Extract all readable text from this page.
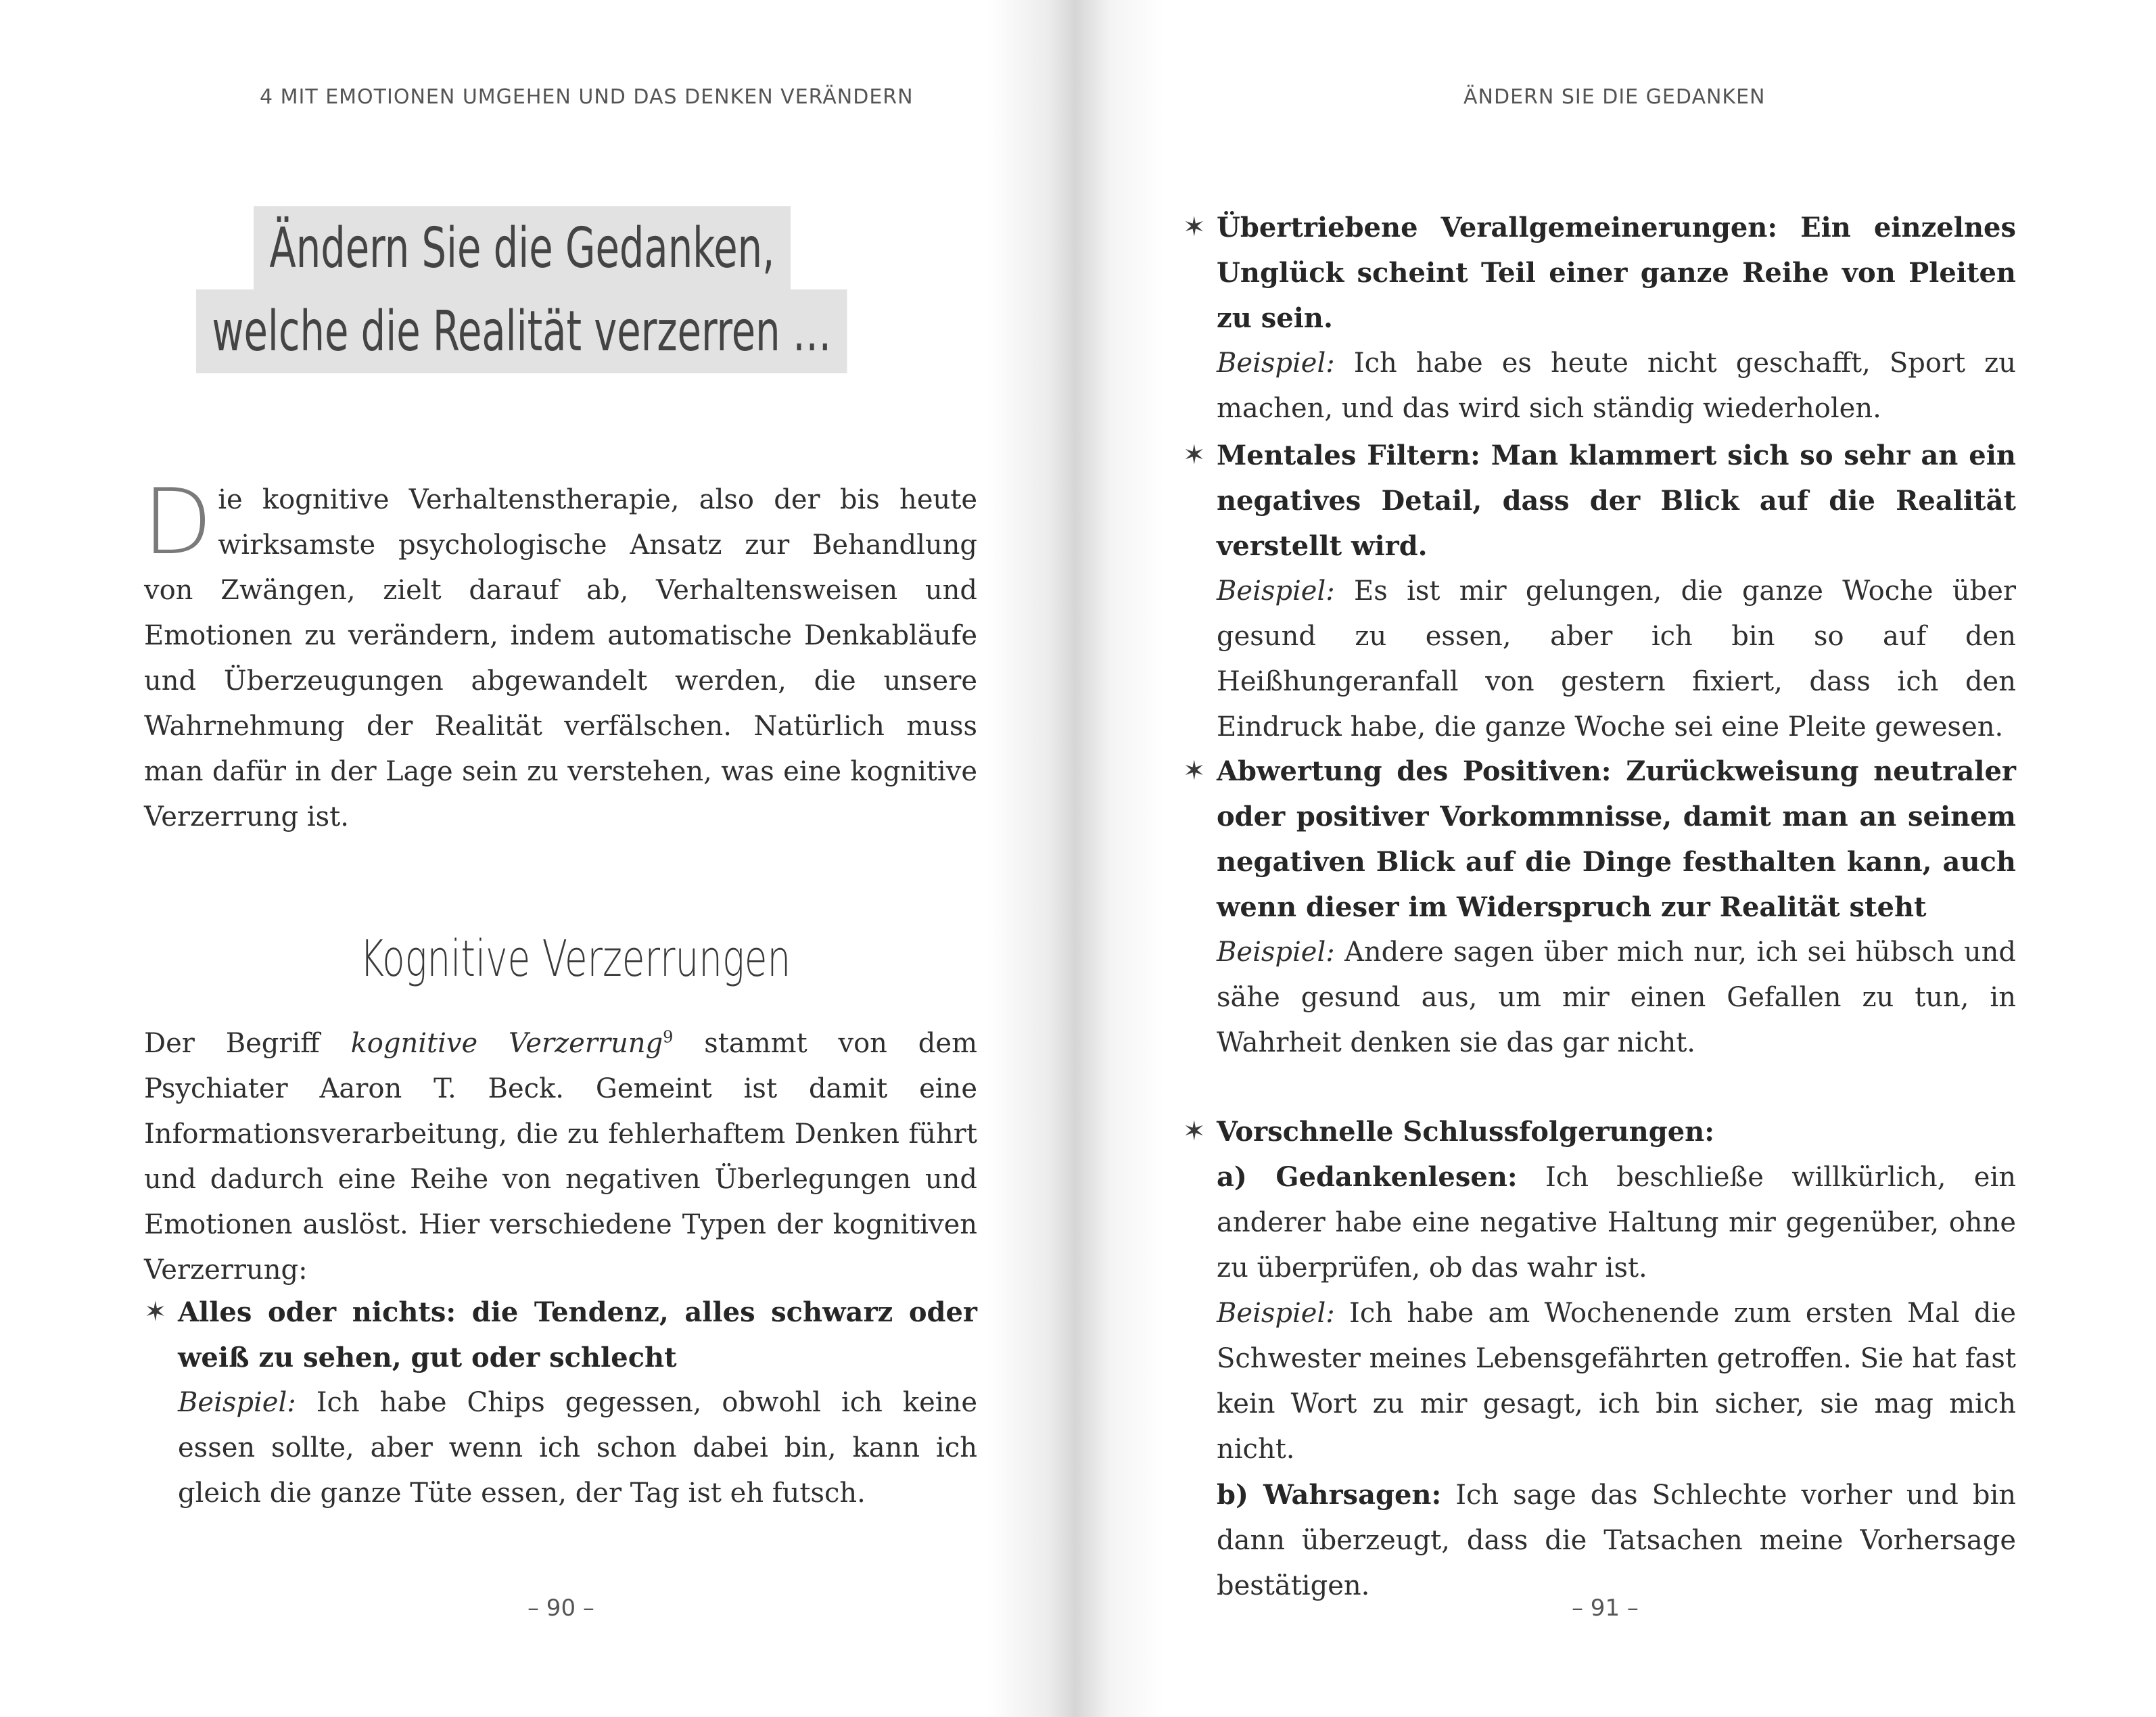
4 MIT EMOTIONEN UMGEHEN UND DAS DENKEN VERÄNDERN
Ändern Sie die Gedanken,
welche die Realität verzerren …
Die kognitive Verhaltenstherapie, also der bis heute wirksamste psychologische Ansatz zur Behandlung von Zwängen, zielt darauf ab, Verhaltensweisen und Emotionen zu verändern, indem automatische Denkabläufe und Überzeugungen abgewandelt werden, die unsere Wahrnehmung der Realität verfälschen. Natürlich muss man dafür in der Lage sein zu verstehen, was eine kognitive Verzerrung ist.
Kognitive Verzerrungen
Der Begriff kognitive Verzerrung$^9$ stammt von dem Psychiater Aaron T. Beck. Gemeint ist damit eine Informationsverarbeitung, die zu fehlerhaftem Denken führt und dadurch eine Reihe von negativen Überlegungen und Emotionen auslöst. Hier verschiedene Typen der kognitiven Verzerrung:
✶ Alles oder nichts: die Tendenz, alles schwarz oder weiß zu sehen, gut oder schlecht

Beispiel: Ich habe Chips gegessen, obwohl ich keine essen sollte, aber wenn ich schon dabei bin, kann ich gleich die ganze Tüte essen, der Tag ist eh futsch.

– 90 –
ÄNDERN SIE DIE GEDANKEN
✶ Übertriebene Verallgemeinerungen: Ein einzelnes Unglück scheint Teil einer ganze Reihe von Pleiten zu sein.

Beispiel: Ich habe es heute nicht geschafft, Sport zu machen, und das wird sich ständig wiederholen.

✶ Mentales Filtern: Man klammert sich so sehr an ein negatives Detail, dass der Blick auf die Realität verstellt wird.

Beispiel: Es ist mir gelungen, die ganze Woche über gesund zu essen, aber ich bin so auf den Heißhungeranfall von gestern fixiert, dass ich den Eindruck habe, die ganze Woche sei eine Pleite gewesen.

✶ Abwertung des Positiven: Zurückweisung neutraler oder positiver Vorkommnisse, damit man an seinem negativen Blick auf die Dinge festhalten kann, auch wenn dieser im Widerspruch zur Realität steht

Beispiel: Andere sagen über mich nur, ich sei hübsch und sähe gesund aus, um mir einen Gefallen zu tun, in Wahrheit denken sie das gar nicht.

✶ Vorschnelle Schlussfolgerungen:

a) Gedankenlesen: Ich beschließe willkürlich, ein anderer habe eine negative Haltung mir gegenüber, ohne zu überprüfen, ob das wahr ist.

Beispiel: Ich habe am Wochenende zum ersten Mal die Schwester meines Lebensgefährten getroffen. Sie hat fast kein Wort zu mir gesagt, ich bin sicher, sie mag mich nicht.

b) Wahrsagen: Ich sage das Schlechte vorher und bin dann überzeugt, dass die Tatsachen meine Vorhersage bestätigen.

– 91 –
